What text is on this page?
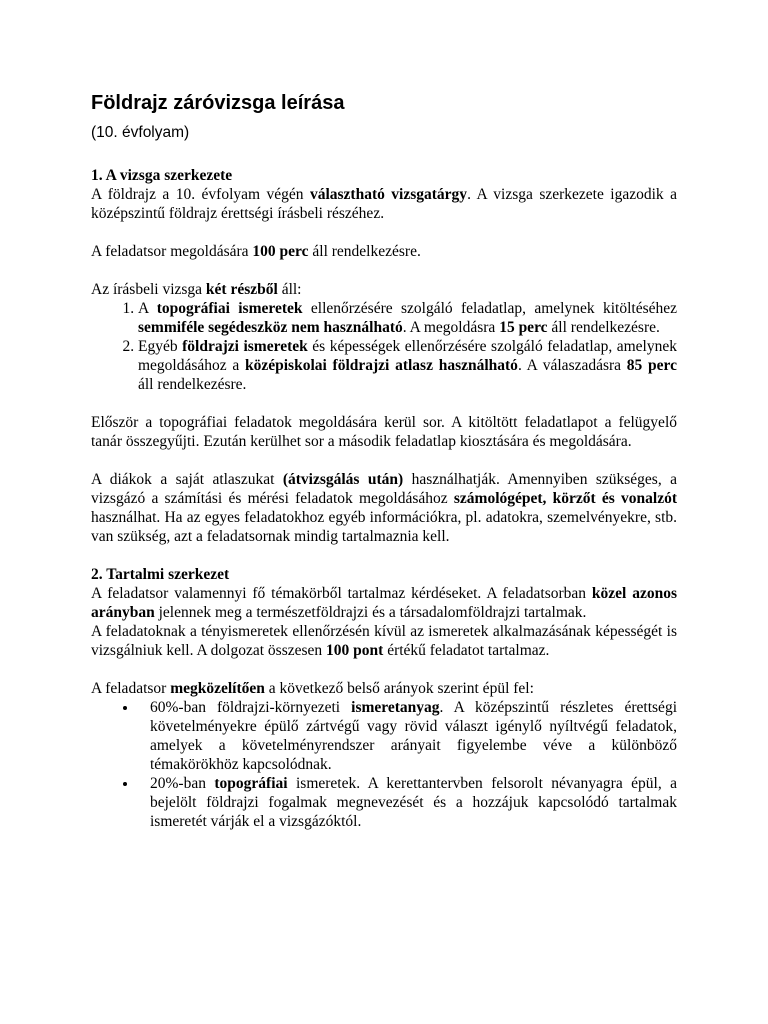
Földrajz záróvizsga leírása
(10. évfolyam)
1. A vizsga szerkezete

A földrajz a 10. évfolyam végén választható vizsgatárgy. A vizsga szerkezete igazodik a középszintű földrajz érettségi írásbeli részéhez.

A feladatsor megoldására 100 perc áll rendelkezésre.

Az írásbeli vizsga két részből áll:

1. A topográfiai ismeretek ellenőrzésére szolgáló feladatlap, amelynek kitöltéséhez semmiféle segédeszköz nem használható. A megoldásra 15 perc áll rendelkezésre.
2. Egyéb földrajzi ismeretek és képességek ellenőrzésére szolgáló feladatlap, amelynek megoldásához a középiskolai földrajzi atlasz használható. A válaszadásra 85 perc áll rendelkezésre.

Először a topográfiai feladatok megoldására kerül sor. A kitöltött feladatlapot a felügyelő tanár összegyűjti. Ezután kerülhet sor a második feladatlap kiosztására és megoldására.

A diákok a saját atlaszukat (átvizsgálás után) használhatják. Amennyiben szükséges, a vizsgázó a számítási és mérési feladatok megoldásához számológépet, körzőt és vonalzót használhat. Ha az egyes feladatokhoz egyéb információkra, pl. adatokra, szemelvényekre, stb. van szükség, azt a feladatsornak mindig tartalmaznia kell.

2. Tartalmi szerkezet

A feladatsor valamennyi fő témakörből tartalmaz kérdéseket. A feladatsorban közel azonos arányban jelennek meg a természetföldrajzi és a társadalomföldrajzi tartalmak.

A feladatoknak a tényismeretek ellenőrzésén kívül az ismeretek alkalmazásának képességét is vizsgálniuk kell. A dolgozat összesen 100 pont értékű feladatot tartalmaz.

A feladatsor megközelítően a következő belső arányok szerint épül fel:

• 60%-ban földrajzi-környezeti ismeretanyag. A középszintű részletes érettségi követelményekre épülő zártvégű vagy rövid választ igénylő nyíltvégű feladatok, amelyek a követelményrendszer arányait figyelembe véve a különböző témakörökhöz kapcsolódnak.
• 20%-ban topográfiai ismeretek. A kerettantervben felsorolt névanyagra épül, a bejelölt földrajzi fogalmak megnevezését és a hozzájuk kapcsolódó tartalmak ismeretét várják el a vizsgázóktól.
